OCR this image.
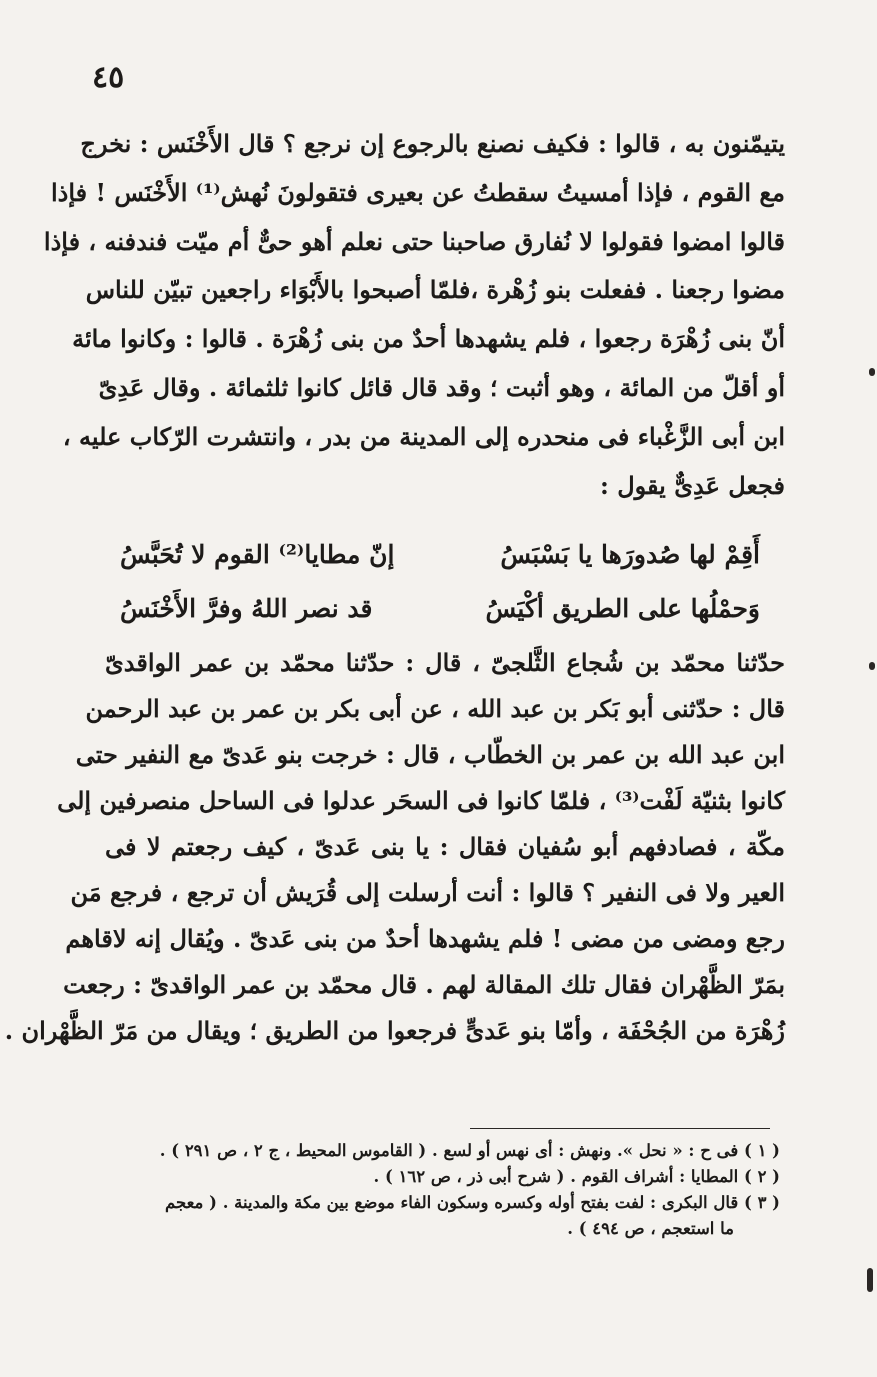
٤٥
يتيمّنون به ، قالوا : فكيف نصنع بالرجوع إن نرجع ؟ قال الأَخْنَس : نخرج
مع القوم ، فإذا أمسيتُ سقطتُ عن بعيرى فتقولونَ نُهش⁽¹⁾ الأَخْنَس ! فإذا
قالوا امضوا فقولوا لا نُفارق صاحبنا حتى نعلم أهو حىٌّ أم ميّت فندفنه ، فإذا
مضوا رجعنا . ففعلت بنو زُهْرة ،فلمّا أصبحوا بالأَبْوَاء راجعين تبيّن للناس
أنّ بنى زُهْرَة رجعوا ، فلم يشهدها أحدٌ من بنى زُهْرَة . قالوا : وكانوا مائة
أو أقلّ من المائة ، وهو أثبت ؛ وقد قال قائل كانوا ثلثمائة . وقال عَدِىّ
ابن أبى الزَّغْباء فى منحدره إلى المدينة من بدر ، وانتشرت الرّكاب عليه ،
فجعل عَدِىٌّ يقول :
أَقِمْ لها صُدورَها يا بَسْبَسُ
إنّ مطايا⁽²⁾ القوم لا تُحَبَّسُ
وَحمْلُها على الطريق أكْيَسُ
قد نصر اللهُ وفرَّ الأَخْنَسُ
حدّثنا محمّد بن شُجاع الثَّلجىّ ، قال : حدّثنا محمّد بن عمر الواقدىّ
قال : حدّثنى أبو بَكر بن عبد الله ، عن أبى بكر بن عمر بن عبد الرحمن
ابن عبد الله بن عمر بن الخطّاب ، قال : خرجت بنو عَدىّ مع النفير حتى
كانوا بثنيّة لَفْت⁽³⁾ ، فلمّا كانوا فى السحَر عدلوا فى الساحل منصرفين إلى
مكّة ، فصادفهم أبو سُفيان فقال : يا بنى عَدىّ ، كيف رجعتم لا فى
العير ولا فى النفير ؟ قالوا : أنت أرسلت إلى قُرَيش أن ترجع ، فرجع مَن
رجع ومضى من مضى ! فلم يشهدها أحدٌ من بنى عَدىّ . ويُقال إنه لاقاهم
بمَرّ الظَّهْران فقال تلك المقالة لهم . قال محمّد بن عمر الواقدىّ : رجعت
زُهْرَة من الجُحْفَة ، وأمّا بنو عَدىٍّ فرجعوا من الطريق ؛ ويقال من مَرّ الظَّهْران .
( ١ ) فى ح : « نحل ». ونهش : أى نهس أو لسع . ( القاموس المحيط ، ج ٢ ، ص ٢٩١ ) .
( ٢ ) المطايا : أشراف القوم . ( شرح أبى ذر ، ص ١٦٢ ) .
( ٣ ) قال البكرى : لفت بفتح أوله وكسره وسكون الفاء موضع بين مكة والمدينة . ( معجم
ما استعجم ، ص ٤٩٤ ) .
